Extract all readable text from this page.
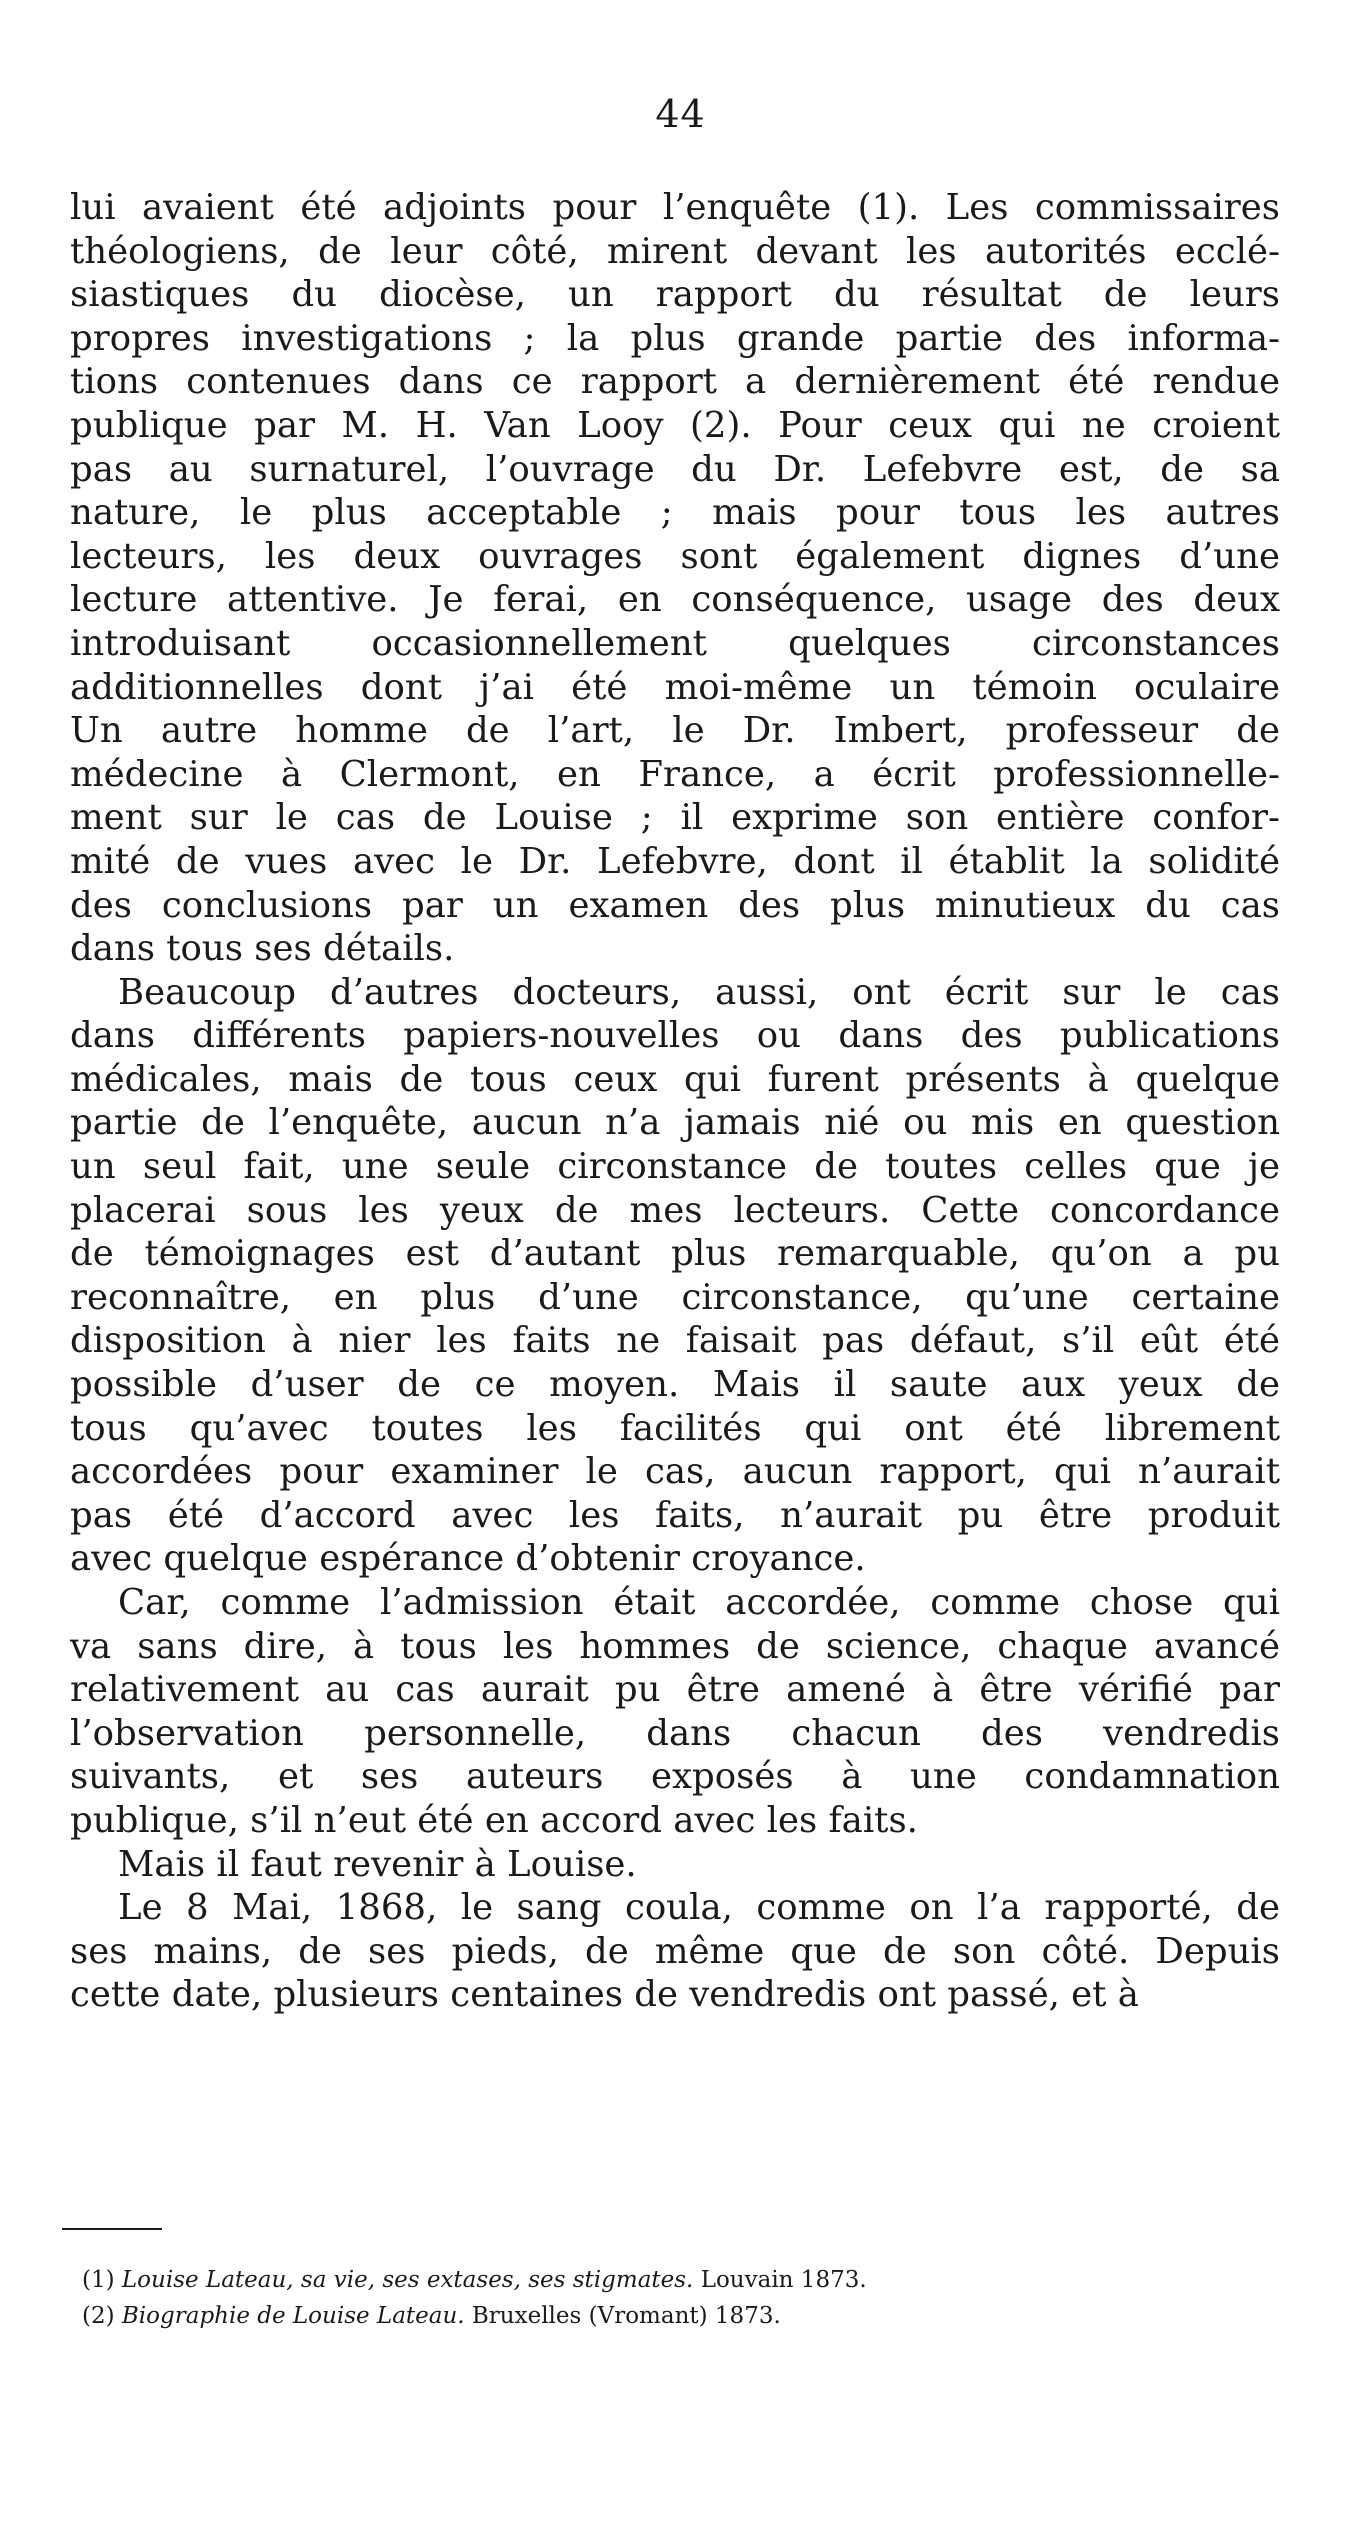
44

lui avaient été adjoints pour l’enquête (1). Les commissaires
théologiens, de leur côté, mirent devant les autorités ecclé-
siastiques du diocèse, un rapport du résultat de leurs
propres investigations ; la plus grande partie des informa-
tions contenues dans ce rapport a dernièrement été rendue
publique par M. H. Van Looy (2). Pour ceux qui ne croient
pas au surnaturel, l’ouvrage du Dr. Lefebvre est, de sa
nature, le plus acceptable ; mais pour tous les autres
lecteurs, les deux ouvrages sont également dignes d’une
lecture attentive. Je ferai, en conséquence, usage des deux
introduisant occasionnellement quelques circonstances
additionnelles dont j’ai été moi-même un témoin oculaire
Un autre homme de l’art, le Dr. Imbert, professeur de
médecine à Clermont, en France, a écrit professionnelle-
ment sur le cas de Louise ; il exprime son entière confor-
mité de vues avec le Dr. Lefebvre, dont il établit la solidité
des conclusions par un examen des plus minutieux du cas
dans tous ses détails.

Beaucoup d’autres docteurs, aussi, ont écrit sur le cas
dans différents papiers-nouvelles ou dans des publications
médicales, mais de tous ceux qui furent présents à quelque
partie de l’enquête, aucun n’a jamais nié ou mis en question
un seul fait, une seule circonstance de toutes celles que je
placerai sous les yeux de mes lecteurs. Cette concordance
de témoignages est d’autant plus remarquable, qu’on a pu
reconnaître, en plus d’une circonstance, qu’une certaine
disposition à nier les faits ne faisait pas défaut, s’il eût été
possible d’user de ce moyen. Mais il saute aux yeux de
tous qu’avec toutes les facilités qui ont été librement
accordées pour examiner le cas, aucun rapport, qui n’aurait
pas été d’accord avec les faits, n’aurait pu être produit
avec quelque espérance d’obtenir croyance.

Car, comme l’admission était accordée, comme chose qui
va sans dire, à tous les hommes de science, chaque avancé
relativement au cas aurait pu être amené à être vérifié par
l’observation personnelle, dans chacun des vendredis
suivants, et ses auteurs exposés à une condamnation
publique, s’il n’eut été en accord avec les faits.

Mais il faut revenir à Louise.

Le 8 Mai, 1868, le sang coula, comme on l’a rapporté, de
ses mains, de ses pieds, de même que de son côté. Depuis
cette date, plusieurs centaines de vendredis ont passé, et à

(1) Louise Lateau, sa vie, ses extases, ses stigmates. Louvain 1873.
(2) Biographie de Louise Lateau. Bruxelles (Vromant) 1873.
